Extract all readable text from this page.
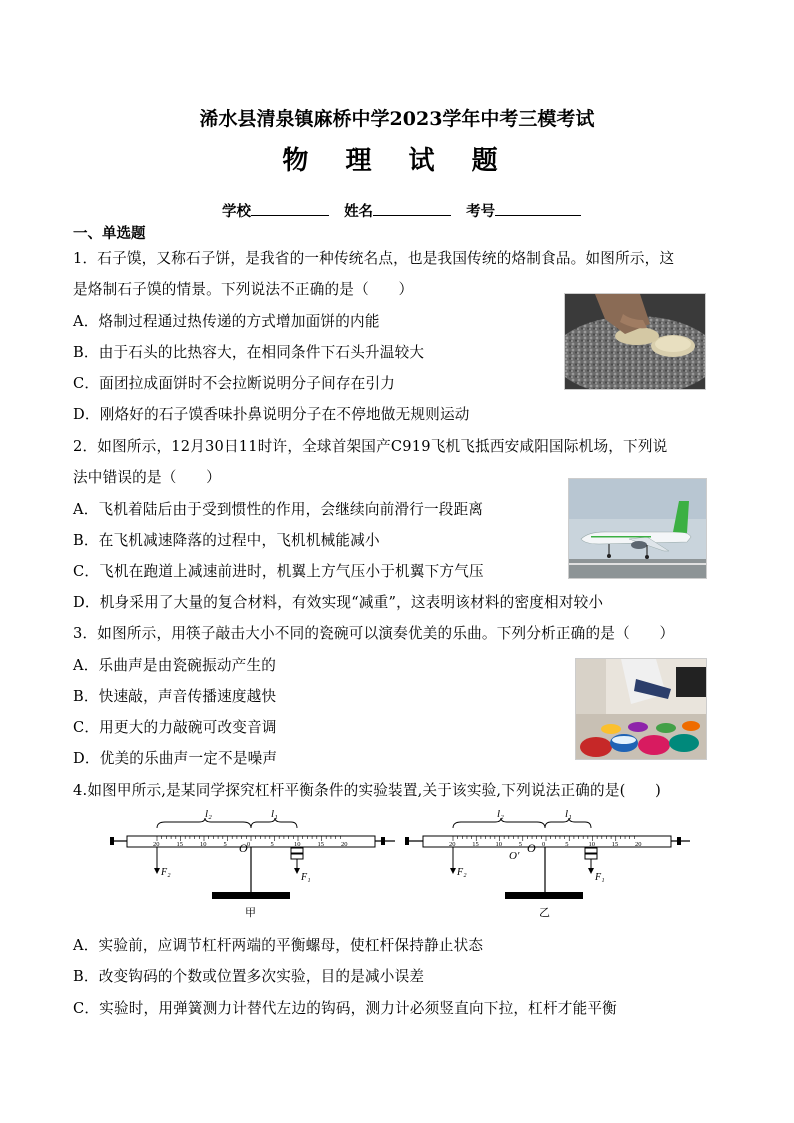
浠水县清泉镇麻桥中学2023学年中考三模考试
物 理 试 题
学校	姓名	考号
一、单选题
1．石子馍，又称石子饼，是我省的一种传统名点，也是我国传统的烙制食品。如图所示，这
是烙制石子馍的情景。下列说法不正确的是（　　）
A．烙制过程通过热传递的方式增加面饼的内能
B．由于石头的比热容大，在相同条件下石头升温较大
C．面团拉成面饼时不会拉断说明分子间存在引力
D．刚烙好的石子馍香味扑鼻说明分子在不停地做无规则运动
2．如图所示，12月30日11时许，全球首架国产C919飞机飞抵西安咸阳国际机场，下列说
法中错误的是（　　）
A．飞机着陆后由于受到惯性的作用，会继续向前滑行一段距离
B．在飞机减速降落的过程中，飞机机械能减小
C．飞机在跑道上减速前进时，机翼上方气压小于机翼下方气压
D．机身采用了大量的复合材料，有效实现“减重”，这表明该材料的密度相对较小
3．如图所示，用筷子敲击大小不同的瓷碗可以演奏优美的乐曲。下列分析正确的是（　　）
A．乐曲声是由瓷碗振动产生的
B．快速敲，声音传播速度越快
C．用更大的力敲碗可改变音调
D．优美的乐曲声一定不是噪声
4.如图甲所示,是某同学探究杠杆平衡条件的实验装置,关于该实验,下列说法正确的是(　　)
20	15	10	5	0	5	10	15	20
l₂	l₁
O
F₂	F₁
甲
20	15	10	5	0	5	10	15	20
l₂	l₁
O
O′
F₂	F₁
乙
A．实验前，应调节杠杆两端的平衡螺母，使杠杆保持静止状态
B．改变钩码的个数或位置多次实验，目的是减小误差
C．实验时，用弹簧测力计替代左边的钩码，测力计必须竖直向下拉，杠杆才能平衡
